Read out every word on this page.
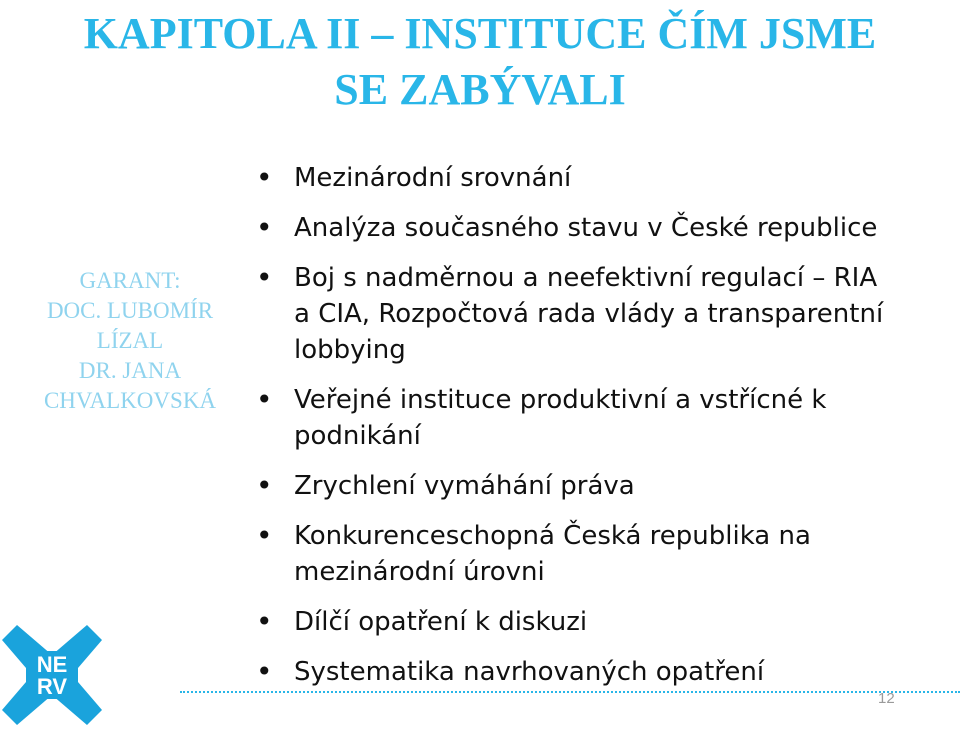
KAPITOLA II – INSTITUCE ČÍM JSME
SE ZABÝVALI
GARANT:
DOC. LUBOMÍR
LÍZAL
DR. JANA
CHVALKOVSKÁ
• Mezinárodní srovnání
• Analýza současného stavu v České republice
• Boj s nadměrnou a neefektivní regulací – RIA
a CIA, Rozpočtová rada vlády a transparentní
lobbying
• Veřejné instituce produktivní a vstřícné k
podnikání
• Zrychlení vymáhání práva
• Konkurenceschopná Česká republika na
mezinárodní úrovni
• Dílčí opatření k diskuzi
• Systematika navrhovaných opatření
NE
RV	12
